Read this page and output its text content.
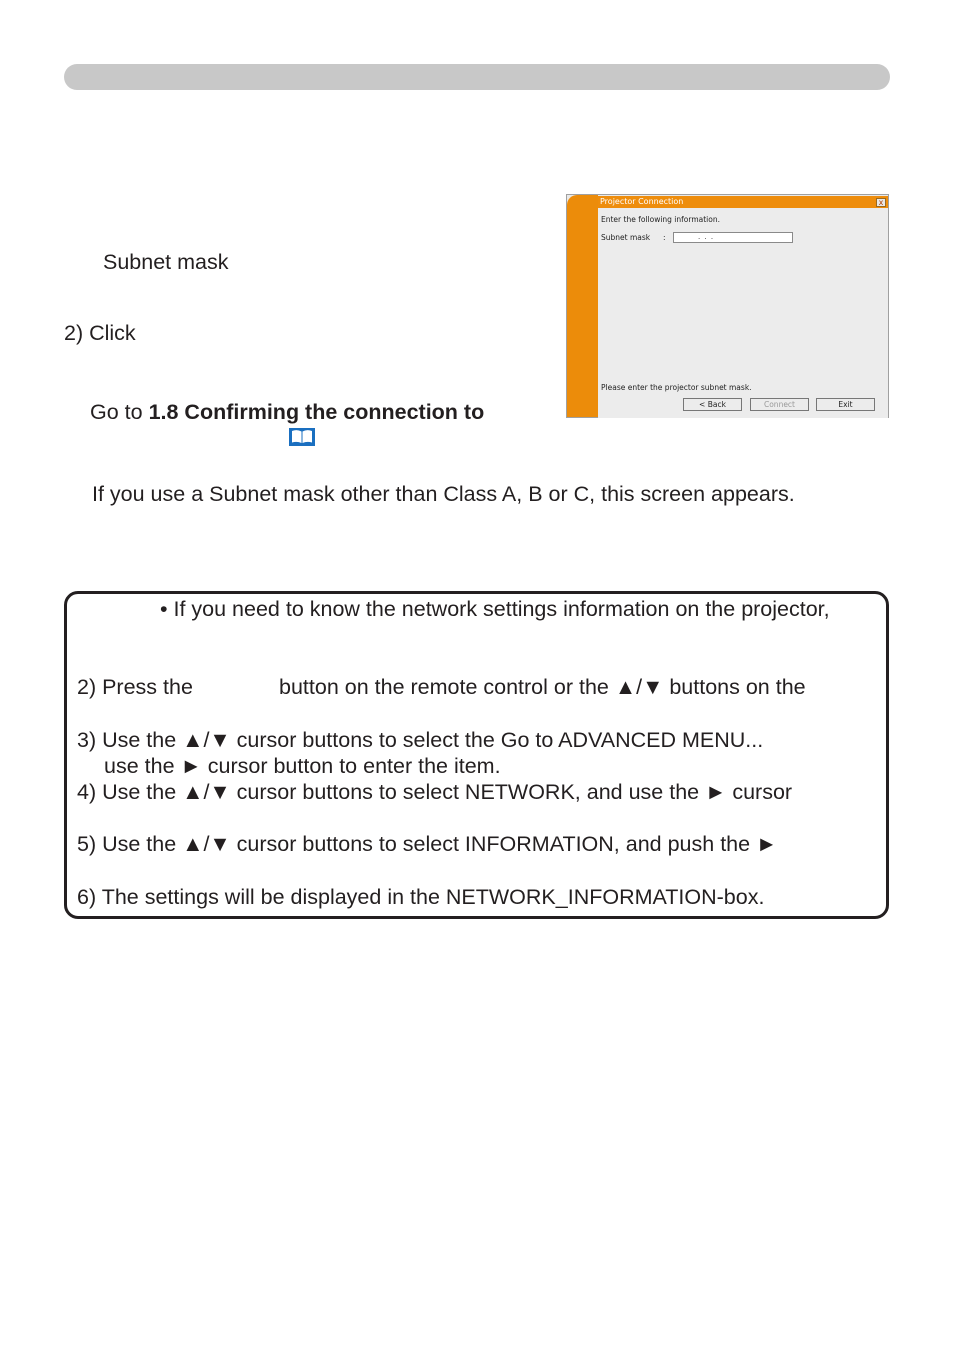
Subnet mask
2) Click
Go to 1.8 Confirming the connection to
If you use a Subnet mask other than Class A, B or C, this screen appears.
Projector Connection	x
Enter the following information.
Subnet mask :	. . .
Please enter the projector subnet mask.
< Back	Connect	Exit
• If you need to know the network settings information on the projector,
2) Press the	button on the remote control or the ▲/▼ buttons on the
3) Use the ▲/▼ cursor buttons to select the Go to ADVANCED MENU...
use the ► cursor button to enter the item.
4) Use the ▲/▼ cursor buttons to select NETWORK, and use the ► cursor
5) Use the ▲/▼ cursor buttons to select INFORMATION, and push the ►
6) The settings will be displayed in the NETWORK_INFORMATION-box.
